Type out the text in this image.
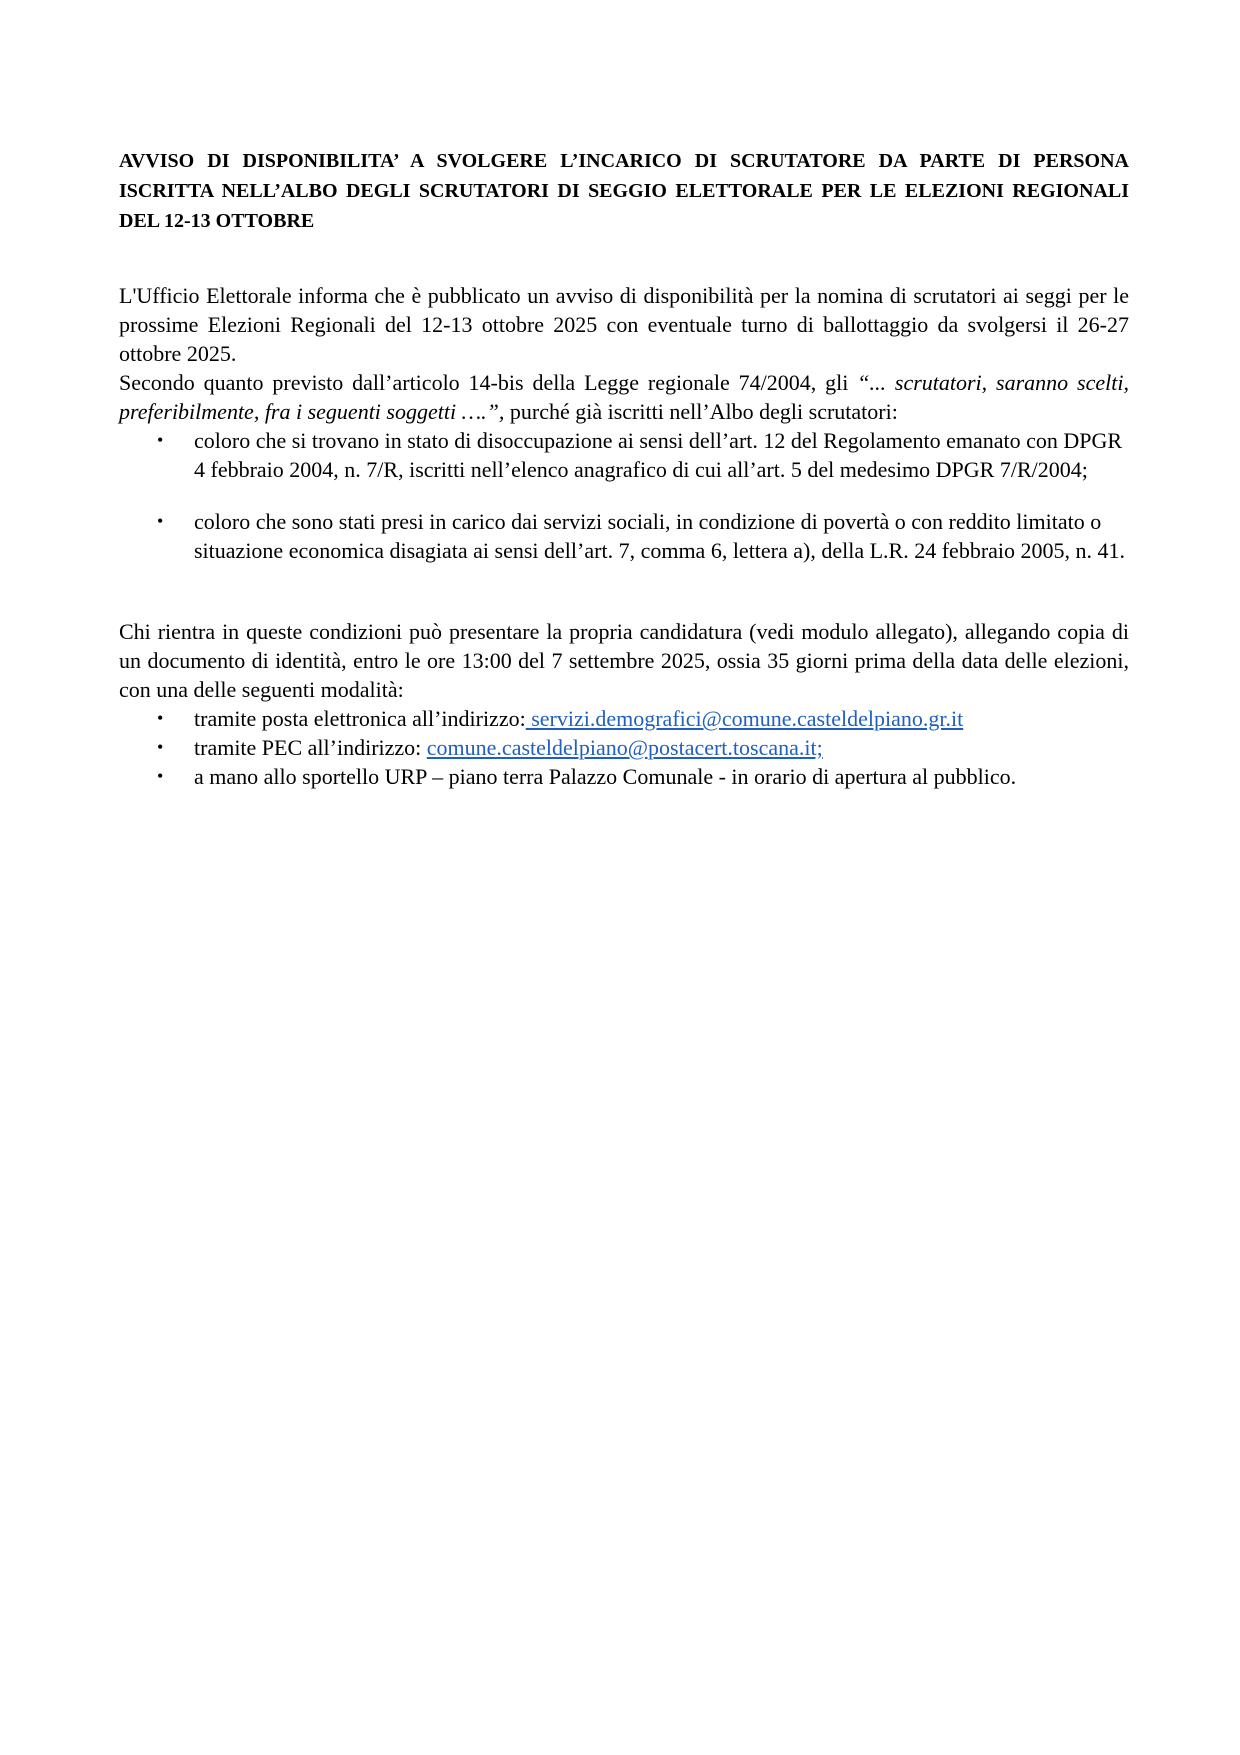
AVVISO DI DISPONIBILITA’ A SVOLGERE L’INCARICO DI SCRUTATORE DA PARTE DI PERSONA ISCRITTA NELL’ALBO DEGLI SCRUTATORI DI SEGGIO ELETTORALE PER LE ELEZIONI REGIONALI DEL 12-13 OTTOBRE

L'Ufficio Elettorale informa che è pubblicato un avviso di disponibilità per la nomina di scrutatori ai seggi per le prossime Elezioni Regionali del 12-13 ottobre 2025 con eventuale turno di ballottaggio da svolgersi il 26-27 ottobre 2025.
Secondo quanto previsto dall’articolo 14-bis della Legge regionale 74/2004, gli “... scrutatori, saranno scelti, preferibilmente, fra i seguenti soggetti ….”, purché già iscritti nell’Albo degli scrutatori:

• coloro che si trovano in stato di disoccupazione ai sensi dell’art. 12 del Regolamento emanato con DPGR 4 febbraio 2004, n. 7/R, iscritti nell’elenco anagrafico di cui all’art. 5 del medesimo DPGR 7/R/2004;
• coloro che sono stati presi in carico dai servizi sociali, in condizione di povertà o con reddito limitato o situazione economica disagiata ai sensi dell’art. 7, comma 6, lettera a), della L.R. 24 febbraio 2005, n. 41.

Chi rientra in queste condizioni può presentare la propria candidatura (vedi modulo allegato), allegando copia di un documento di identità, entro le ore 13:00 del 7 settembre 2025, ossia 35 giorni prima della data delle elezioni, con una delle seguenti modalità:

• tramite posta elettronica all’indirizzo: servizi.demografici@comune.casteldelpiano.gr.it
• tramite PEC all’indirizzo: comune.casteldelpiano@postacert.toscana.it;
• a mano allo sportello URP – piano terra Palazzo Comunale - in orario di apertura al pubblico.
